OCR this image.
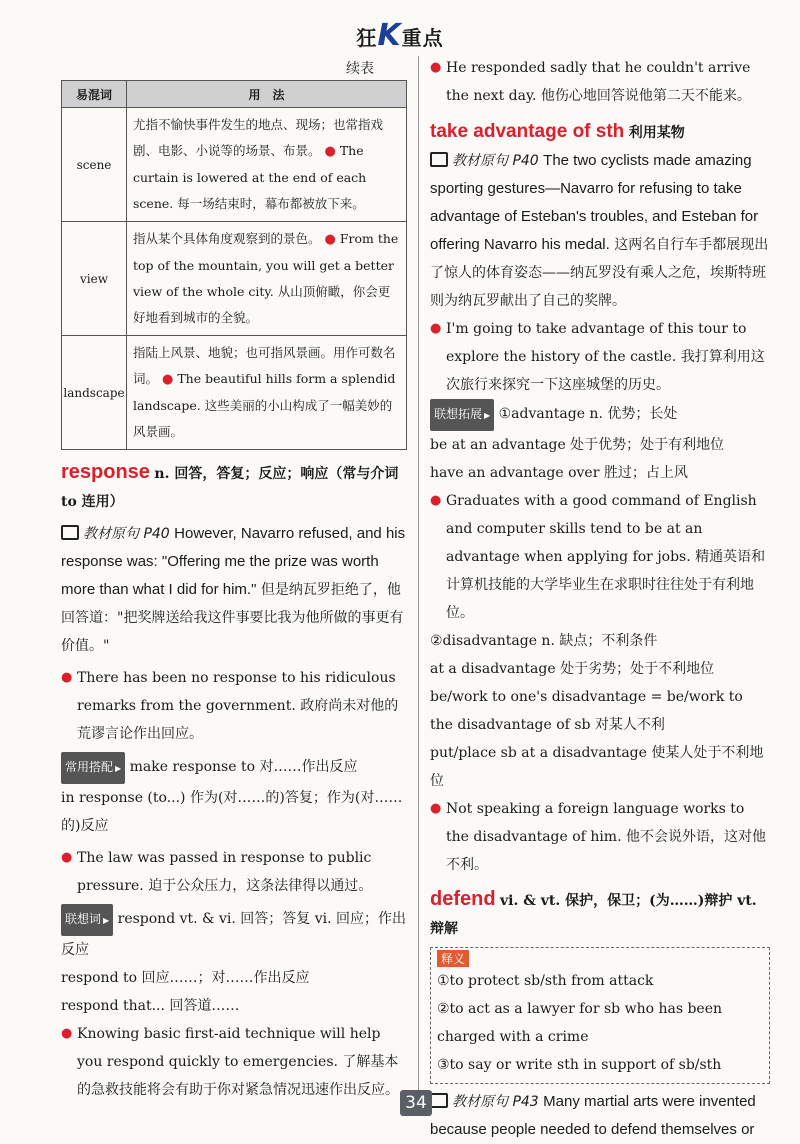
狂K重点
续表
易混词	用　法
scene	尤指不愉快事件发生的地点、现场；也常指戏剧、电影、小说等的场景、布景。 ● The curtain is lowered at the end of each scene. 每一场结束时，幕布都被放下来。
view	指从某个具体角度观察到的景色。 ● From the top of the mountain, you will get a better view of the whole city. 从山顶俯瞰，你会更好地看到城市的全貌。
landscape	指陆上风景、地貌；也可指风景画。用作可数名词。 ● The beautiful hills form a splendid landscape. 这些美丽的小山构成了一幅美妙的风景画。
response n. 回答，答复；反应；响应（常与介词 to 连用）
教材原句 P40 However, Navarro refused, and his response was: "Offering me the prize was worth more than what I did for him." 但是纳瓦罗拒绝了，他回答道："把奖牌送给我这件事要比我为他所做的事更有价值。"
● There has been no response to his ridiculous remarks from the government. 政府尚未对他的荒谬言论作出回应。
常用搭配 ▶ make response to 对……作出反应
in response (to...) 作为(对……的)答复；作为(对……的)反应
● The law was passed in response to public pressure. 迫于公众压力，这条法律得以通过。
联想词 ▶ respond vt. & vi. 回答；答复 vi. 回应；作出反应
respond to 回应……；对……作出反应
respond that... 回答道……
● Knowing basic first-aid technique will help you respond quickly to emergencies. 了解基本的急救技能将会有助于你对紧急情况迅速作出反应。
● He responded sadly that he couldn't arrive the next day. 他伤心地回答说他第二天不能来。
take advantage of sth 利用某物
教材原句 P40 The two cyclists made amazing sporting gestures—Navarro for refusing to take advantage of Esteban's troubles, and Esteban for offering Navarro his medal. 这两名自行车手都展现出了惊人的体育姿态——纳瓦罗没有乘人之危，埃斯特班则为纳瓦罗献出了自己的奖牌。
● I'm going to take advantage of this tour to explore the history of the castle. 我打算利用这次旅行来探究一下这座城堡的历史。
联想拓展 ▶ ①advantage n. 优势；长处
be at an advantage 处于优势；处于有利地位
have an advantage over 胜过；占上风
● Graduates with a good command of English and computer skills tend to be at an advantage when applying for jobs. 精通英语和计算机技能的大学毕业生在求职时往往处于有利地位。
②disadvantage n. 缺点；不利条件
at a disadvantage 处于劣势；处于不利地位
be/work to one's disadvantage = be/work to the disadvantage of sb 对某人不利
put/place sb at a disadvantage 使某人处于不利地位
● Not speaking a foreign language works to the disadvantage of him. 他不会说外语，这对他不利。
defend vi. & vt. 保护，保卫；(为……)辩护 vt. 辩解
释义
①to protect sb/sth from attack
②to act as a lawyer for sb who has been charged with a crime
③to say or write sth in support of sb/sth
教材原句 P43 Many martial arts were invented because people needed to defend themselves or
34
